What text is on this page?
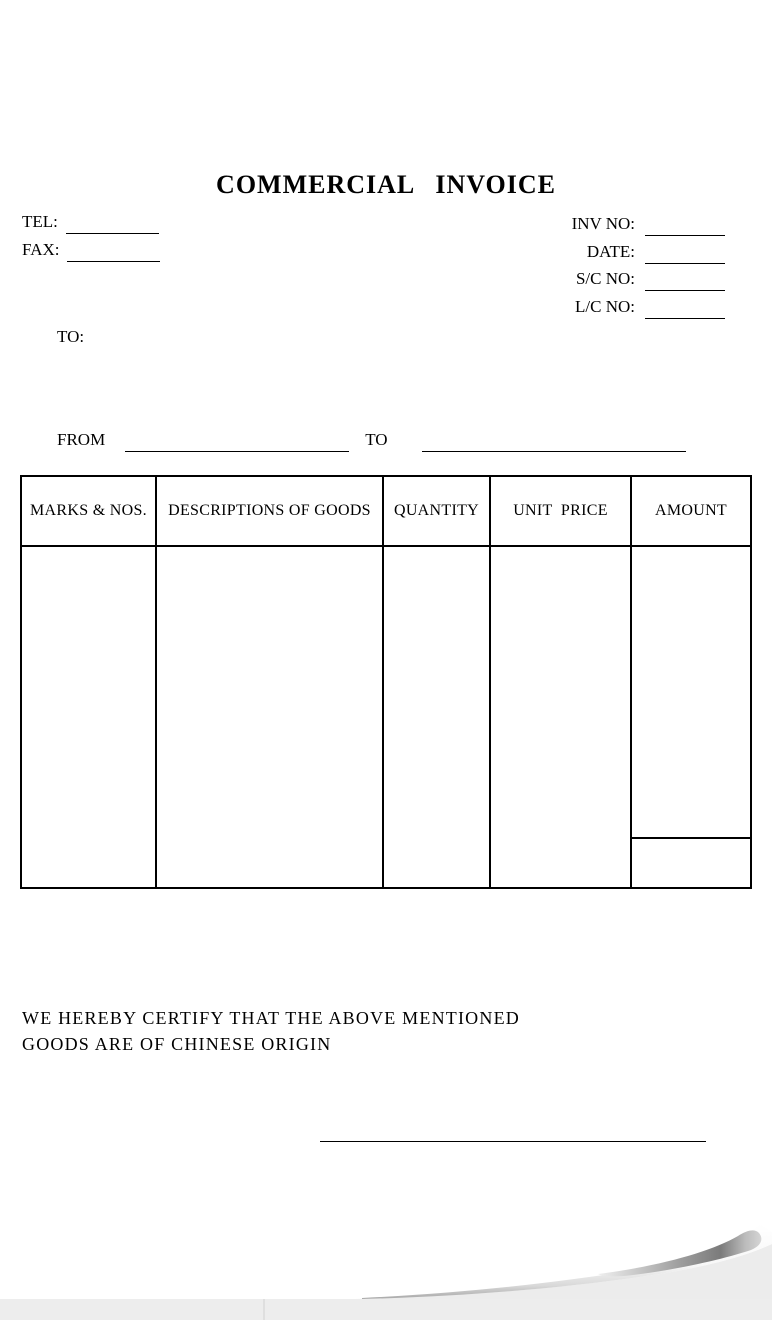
COMMERCIAL INVOICE
TEL:
FAX:
INV NO:
DATE:
S/C NO:
L/C NO:
TO:
FROM	TO
MARKS & NOS.	DESCRIPTIONS OF GOODS	QUANTITY	UNIT  PRICE	AMOUNT

WE HEREBY CERTIFY THAT THE ABOVE MENTIONED
GOODS ARE OF CHINESE ORIGIN
